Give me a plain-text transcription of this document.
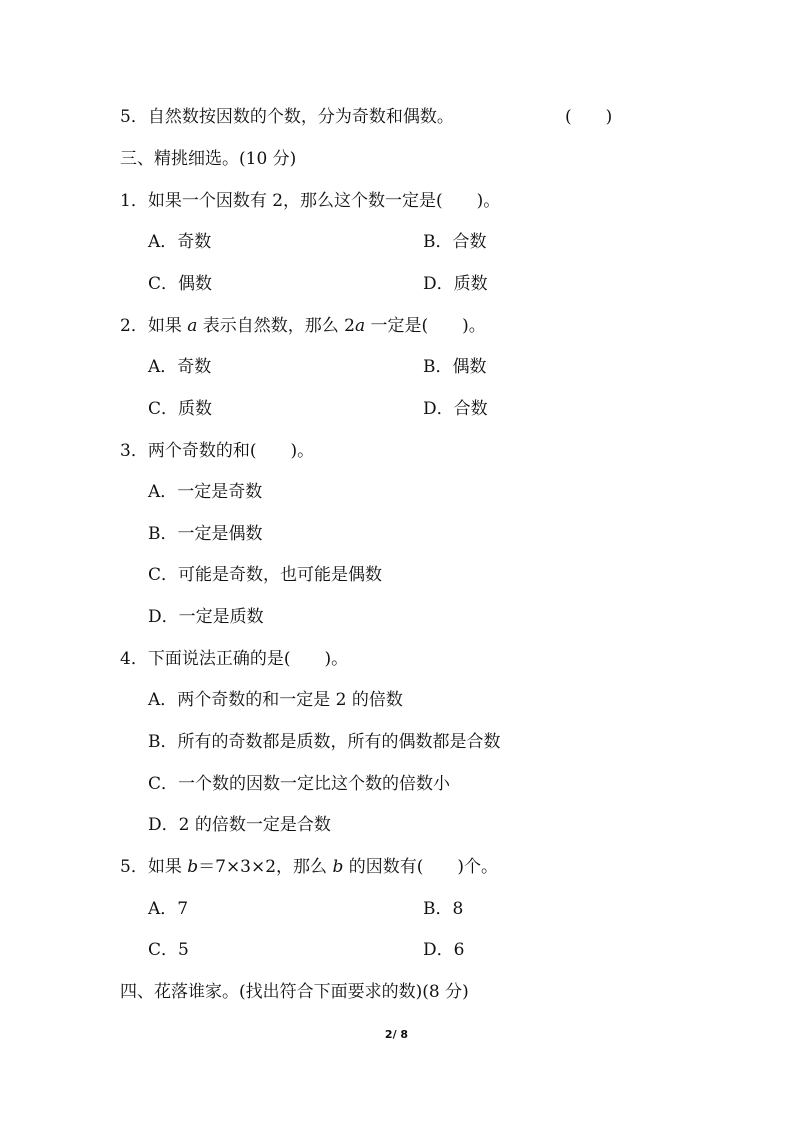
5．自然数按因数的个数，分为奇数和偶数。	(　　)
三、精挑细选。(10 分)
1．如果一个因数有 2，那么这个数一定是(　　)。
A．奇数	B．合数
C．偶数	D．质数
2．如果 a 表示自然数，那么 2a 一定是(　　)。
A．奇数	B．偶数
C．质数	D．合数
3．两个奇数的和(　　)。
A．一定是奇数
B．一定是偶数
C．可能是奇数，也可能是偶数
D．一定是质数
4．下面说法正确的是(　　)。
A．两个奇数的和一定是 2 的倍数
B．所有的奇数都是质数，所有的偶数都是合数
C．一个数的因数一定比这个数的倍数小
D．2 的倍数一定是合数
5．如果 b＝7×3×2，那么 b 的因数有(　　)个。
A．7	B．8
C．5	D．6
四、花落谁家。(找出符合下面要求的数)(8 分)
2/ 8
